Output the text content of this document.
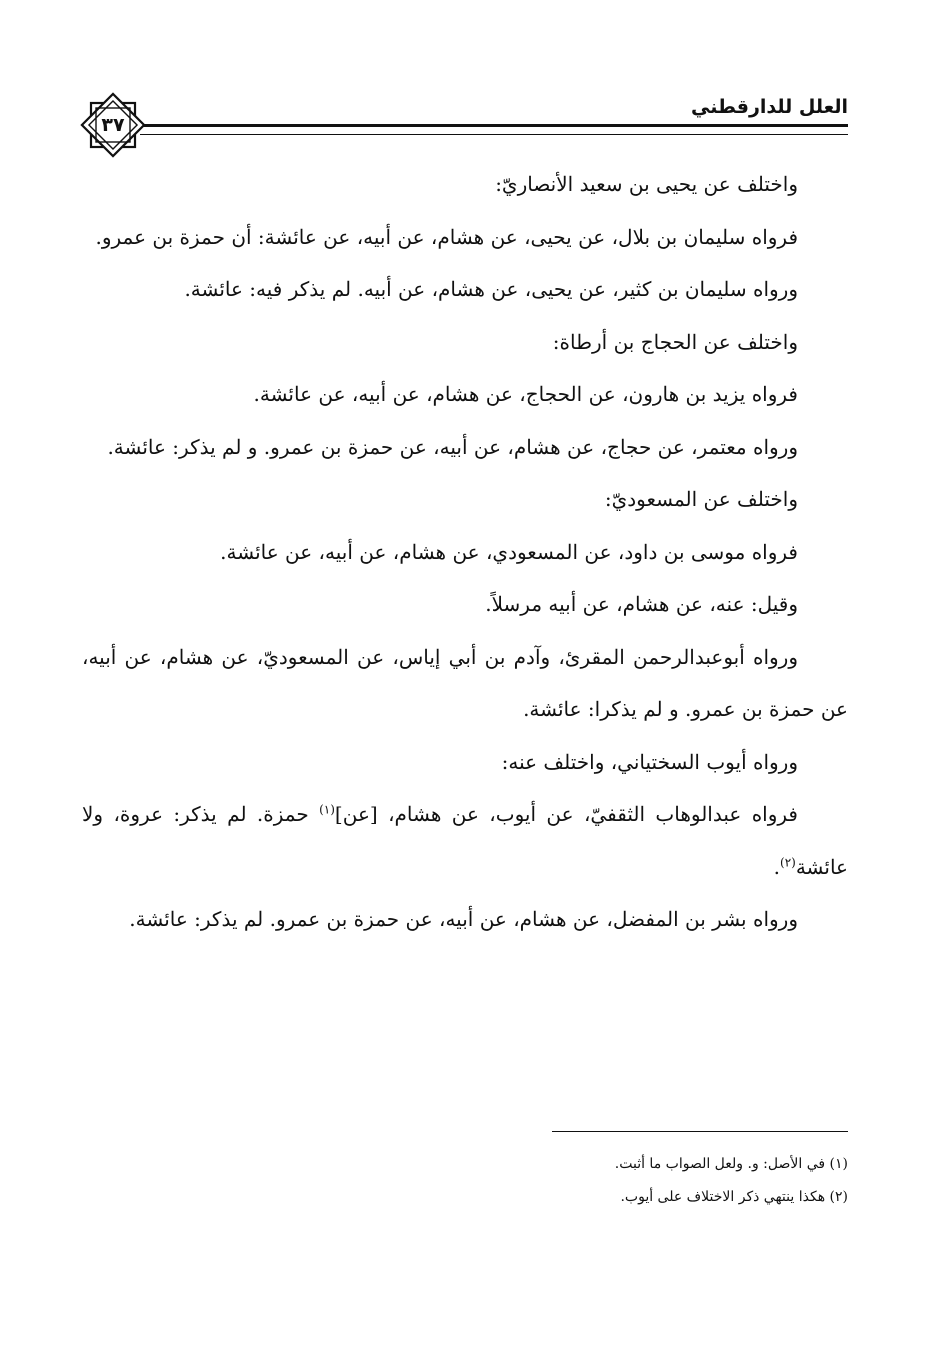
العلل للدارقطني
٣٧

واختلف عن يحيى بن سعيد الأنصاريّ:

فرواه سليمان بن بلال، عن يحيى، عن هشام، عن أبيه، عن عائشة: أن حمزة بن عمرو.

ورواه سليمان بن كثير، عن يحيى، عن هشام، عن أبيه. لم يذكر فيه: عائشة.

واختلف عن الحجاج بن أرطاة:

فرواه يزيد بن هارون، عن الحجاج، عن هشام، عن أبيه، عن عائشة.

ورواه معتمر، عن حجاج، عن هشام، عن أبيه، عن حمزة بن عمرو. و لم يذكر: عائشة.

واختلف عن المسعوديّ:

فرواه موسى بن داود، عن المسعودي، عن هشام، عن أبيه، عن عائشة.

وقيل: عنه، عن هشام، عن أبيه مرسلاً.

ورواه أبوعبدالرحمن المقرئ، وآدم بن أبي إياس، عن المسعوديّ، عن هشام، عن أبيه، عن حمزة بن عمرو. و لم يذكرا: عائشة.

ورواه أيوب السختياني، واختلف عنه:

فرواه عبدالوهاب الثقفيّ، عن أيوب، عن هشام، [عن]$^{(١)}$ حمزة. لم يذكر: عروة، ولا عائشة$^{(٢)}$.

ورواه بشر بن المفضل، عن هشام، عن أبيه، عن حمزة بن عمرو. لم يذكر: عائشة.

(١) في الأصل: و. ولعل الصواب ما أثبت.

(٢) هكذا ينتهي ذكر الاختلاف على أيوب.
